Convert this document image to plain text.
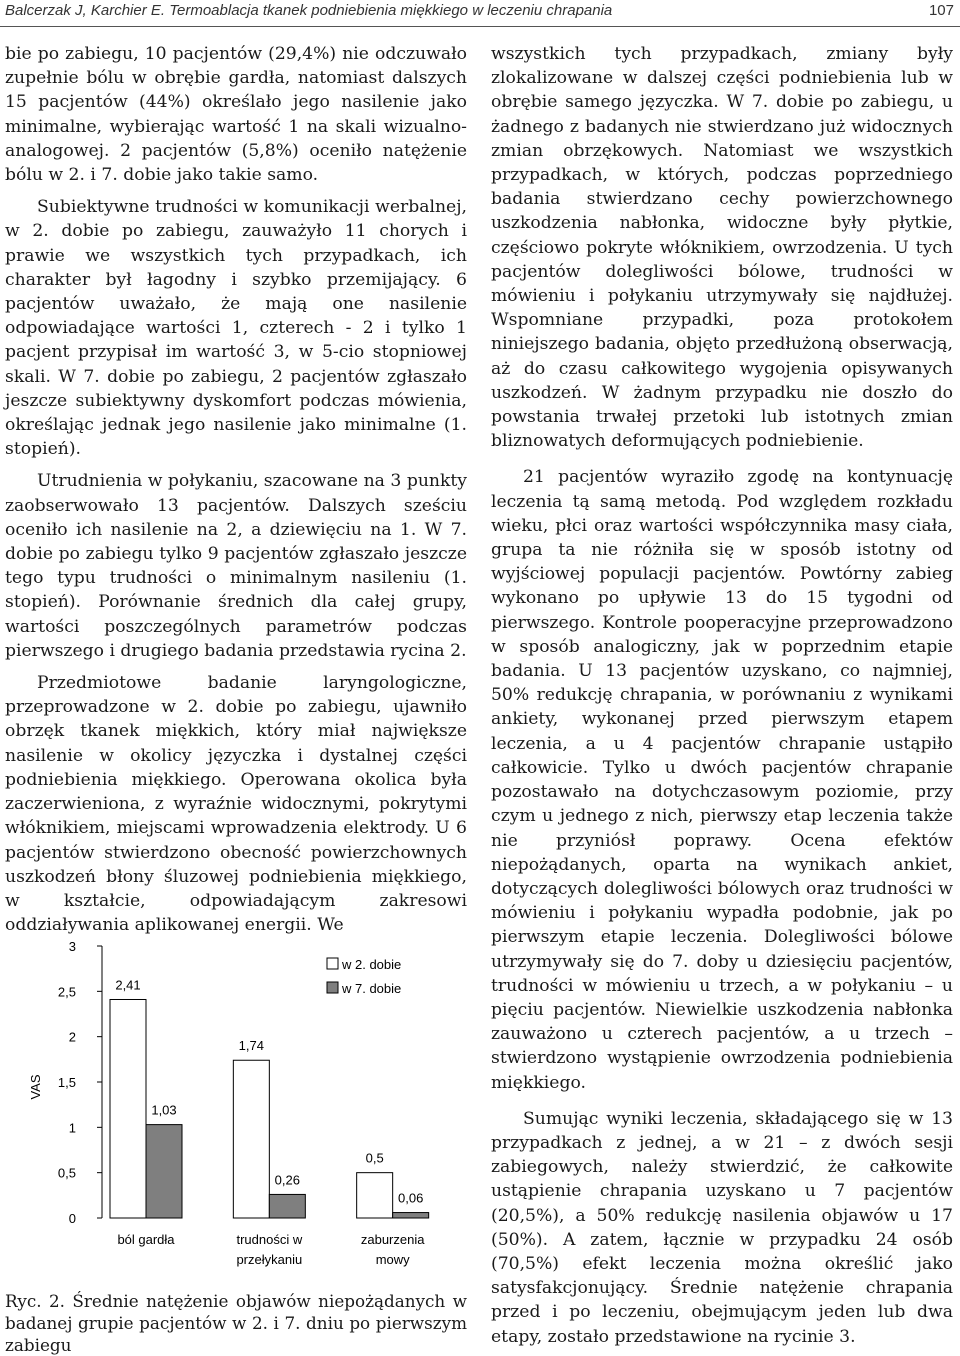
Balcerzak J, Karchier E. Termoablacja tkanek podniebienia miękkiego w leczeniu chrapania	107

bie po zabiegu, 10 pacjentów (29,4%) nie odczuwało zupełnie bólu w obrębie gardła, natomiast dalszych 15 pacjentów (44%) określało jego nasilenie jako minimalne, wybierając wartość 1 na skali wizualno-analogowej. 2 pacjentów (5,8%) oceniło natężenie bólu w 2. i 7. dobie jako takie samo.

Subiektywne trudności w komunikacji werbalnej, w 2. dobie po zabiegu, zauważyło 11 chorych i prawie we wszystkich tych przypadkach, ich charakter był łagodny i szybko przemijający. 6 pacjentów uważało, że mają one nasilenie odpowiadające wartości 1, czterech - 2 i tylko 1 pacjent przypisał im wartość 3, w 5-cio stopniowej skali. W 7. dobie po zabiegu, 2 pacjentów zgłaszało jeszcze subiektywny dyskomfort podczas mówienia, określając jednak jego nasilenie jako minimalne (1. stopień).

Utrudnienia w połykaniu, szacowane na 3 punkty zaobserwowało 13 pacjentów. Dalszych sześciu oceniło ich nasilenie na 2, a dziewięciu na 1. W 7. dobie po zabiegu tylko 9 pacjentów zgłaszało jeszcze tego typu trudności o minimalnym nasileniu (1. stopień). Porównanie średnich dla całej grupy, wartości poszczególnych parametrów podczas pierwszego i drugiego badania przedstawia rycina 2.

Przedmiotowe badanie laryngologiczne, przeprowadzone w 2. dobie po zabiegu, ujawniło obrzęk tkanek miękkich, który miał największe nasilenie w okolicy języczka i dystalnej części podniebienia miękkiego. Operowana okolica była zaczerwieniona, z wyraźnie widocznymi, pokrytymi włóknikiem, miejscami wprowadzenia elektrody. U 6 pacjentów stwierdzono obecność powierzchownych uszkodzeń błony śluzowej podniebienia miękkiego, w kształcie, odpowiadającym zakresowi oddziaływania aplikowanej energii. We

0
0,5
1
1,5
2
2,5
3
VAS
2,41
1,03
ból gardła
1,74
0,26
trudności w
przełykaniu
0,5
0,06
zaburzenia
mowy
w 2. dobie
w 7. dobie
Ryc. 2. Średnie natężenie objawów niepożądanych w badanej grupie pacjentów w 2. i 7. dniu po pierwszym zabiegu

wszystkich tych przypadkach, zmiany były zlokalizowane w dalszej części podniebienia lub w obrębie samego języczka. W 7. dobie po zabiegu, u żadnego z badanych nie stwierdzano już widocznych zmian obrzękowych. Natomiast we wszystkich przypadkach, w których, podczas poprzedniego badania stwierdzano cechy powierzchownego uszkodzenia nabłonka, widoczne były płytkie, częściowo pokryte włóknikiem, owrzodzenia. U tych pacjentów dolegliwości bólowe, trudności w mówieniu i połykaniu utrzymywały się najdłużej. Wspomniane przypadki, poza protokołem niniejszego badania, objęto przedłużoną obserwacją, aż do czasu całkowitego wygojenia opisywanych uszkodzeń. W żadnym przypadku nie doszło do powstania trwałej przetoki lub istotnych zmian bliznowatych deformujących podniebienie.

21 pacjentów wyraziło zgodę na kontynuację leczenia tą samą metodą. Pod względem rozkładu wieku, płci oraz wartości współczynnika masy ciała, grupa ta nie różniła się w sposób istotny od wyjściowej populacji pacjentów. Powtórny zabieg wykonano po upływie 13 do 15 tygodni od pierwszego. Kontrole pooperacyjne przeprowadzono w sposób analogiczny, jak w poprzednim etapie badania. U 13 pacjentów uzyskano, co najmniej, 50% redukcję chrapania, w porównaniu z wynikami ankiety, wykonanej przed pierwszym etapem leczenia, a u 4 pacjentów chrapanie ustąpiło całkowicie. Tylko u dwóch pacjentów chrapanie pozostawało na dotychczasowym poziomie, przy czym u jednego z nich, pierwszy etap leczenia także nie przyniósł poprawy. Ocena efektów niepożądanych, oparta na wynikach ankiet, dotyczących dolegliwości bólowych oraz trudności w mówieniu i połykaniu wypadła podobnie, jak po pierwszym etapie leczenia. Dolegliwości bólowe utrzymywały się do 7. doby u dziesięciu pacjentów, trudności w mówieniu u trzech, a w połykaniu – u pięciu pacjentów. Niewielkie uszkodzenia nabłonka zauważono u czterech pacjentów, a u trzech – stwierdzono wystąpienie owrzodzenia podniebienia miękkiego.

Sumując wyniki leczenia, składającego się w 13 przypadkach z jednej, a w 21 – z dwóch sesji zabiegowych, należy stwierdzić, że całkowite ustąpienie chrapania uzyskano u 7 pacjentów (20,5%), a 50% redukcję nasilenia objawów u 17 (50%). A zatem, łącznie w przypadku 24 osób (70,5%) efekt leczenia można określić jako satysfakcjonujący. Średnie natężenie chrapania przed i po leczeniu, obejmującym jeden lub dwa etapy, zostało przedstawione na rycinie 3.
